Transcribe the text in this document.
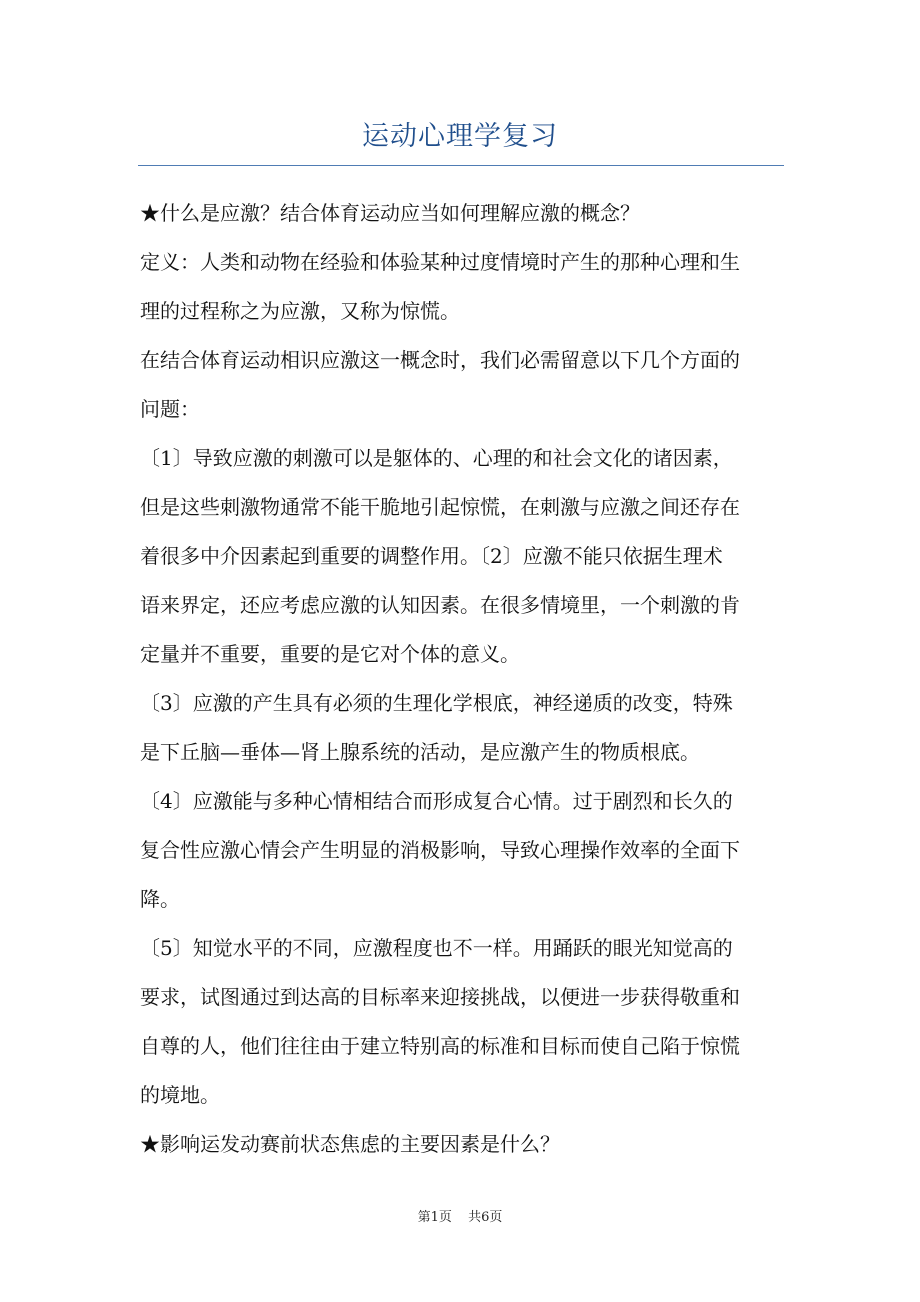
运动心理学复习
★什么是应激？结合体育运动应当如何理解应激的概念？
定义：人类和动物在经验和体验某种过度情境时产生的那种心理和生
理的过程称之为应激，又称为惊慌。
在结合体育运动相识应激这一概念时，我们必需留意以下几个方面的
问题：
〔1〕导致应激的刺激可以是躯体的、心理的和社会文化的诸因素，
但是这些刺激物通常不能干脆地引起惊慌，在刺激与应激之间还存在
着很多中介因素起到重要的调整作用。〔2〕应激不能只依据生理术
语来界定，还应考虑应激的认知因素。在很多情境里，一个刺激的肯
定量并不重要，重要的是它对个体的意义。
〔3〕应激的产生具有必须的生理化学根底，神经递质的改变，特殊
是下丘脑—垂体—肾上腺系统的活动，是应激产生的物质根底。
〔4〕应激能与多种心情相结合而形成复合心情。过于剧烈和长久的
复合性应激心情会产生明显的消极影响，导致心理操作效率的全面下
降。
〔5〕知觉水平的不同，应激程度也不一样。用踊跃的眼光知觉高的
要求，试图通过到达高的目标率来迎接挑战，以便进一步获得敬重和
自尊的人，他们往往由于建立特别高的标准和目标而使自己陷于惊慌
的境地。
★影响运发动赛前状态焦虑的主要因素是什么？
第1页 共6页
